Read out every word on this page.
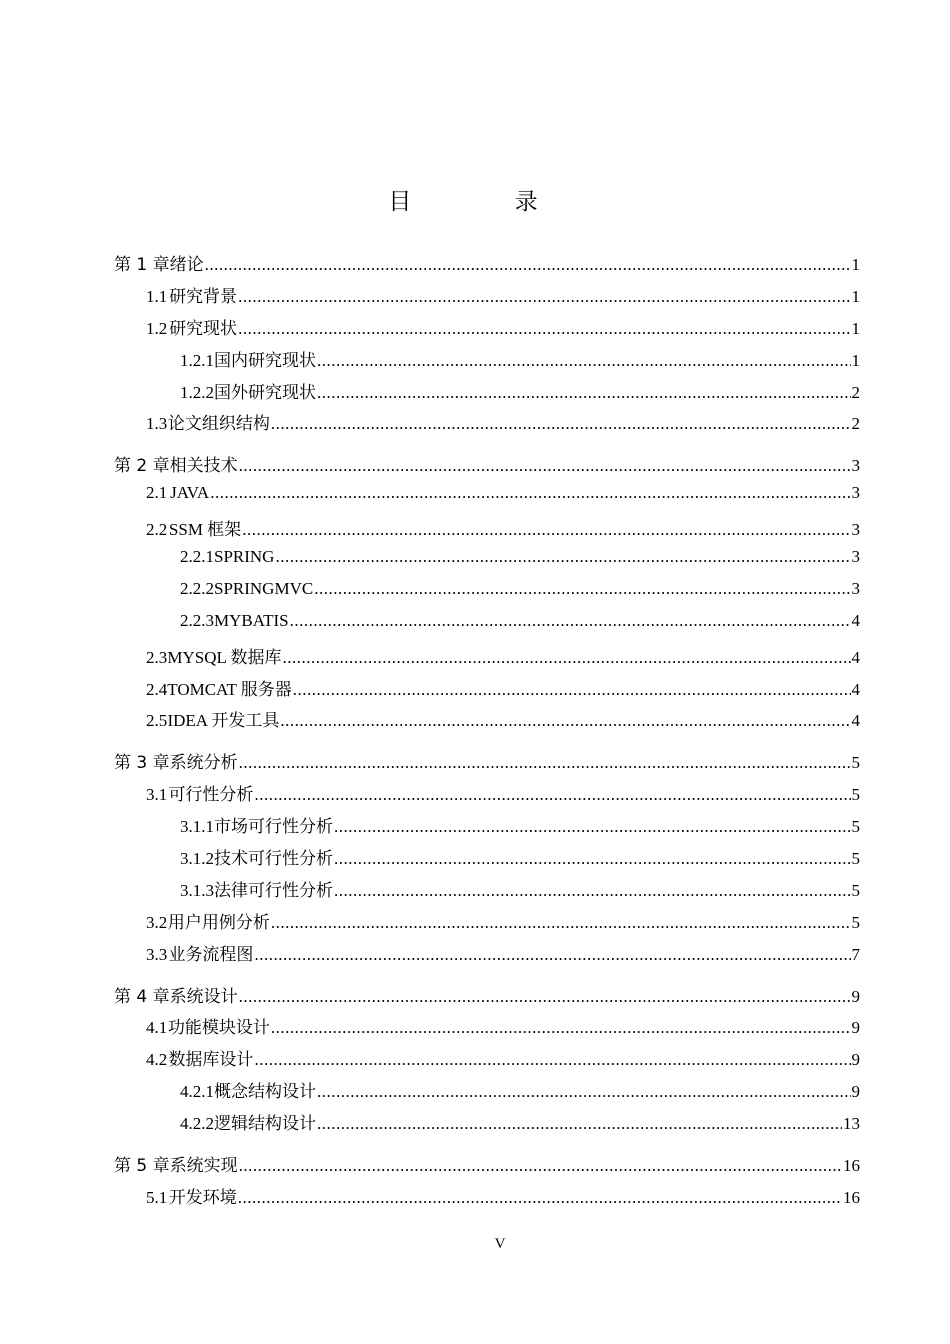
目 录
第 1 章 绪论 .....	1
1.1 研究背景 .....	1
1.2 研究现状 .....	1
1.2.1 国内研究现状 .....	1
1.2.2 国外研究现状 .....	2
1.3 论文组织结构 .....	2
第 2 章 相关技术 .....	3
2.1 JAVA .....	3
2.2 SSM 框架 .....	3
2.2.1 SPRING .....	3
2.2.2 SPRINGMVC .....	3
2.2.3 MYBATIS .....	4
2.3 MYSQL 数据库 .....	4
2.4 TOMCAT 服务器 .....	4
2.5 IDEA 开发工具 .....	4
第 3 章 系统分析 .....	5
3.1 可行性分析 .....	5
3.1.1 市场可行性分析 .....	5
3.1.2 技术可行性分析 .....	5
3.1.3 法律可行性分析 .....	5
3.2 用户用例分析 .....	5
3.3 业务流程图 .....	7
第 4 章 系统设计 .....	9
4.1 功能模块设计 .....	9
4.2 数据库设计 .....	9
4.2.1 概念结构设计 .....	9
4.2.2 逻辑结构设计 .....	13
第 5 章 系统实现 .....	16
5.1 开发环境 .....	16
V
